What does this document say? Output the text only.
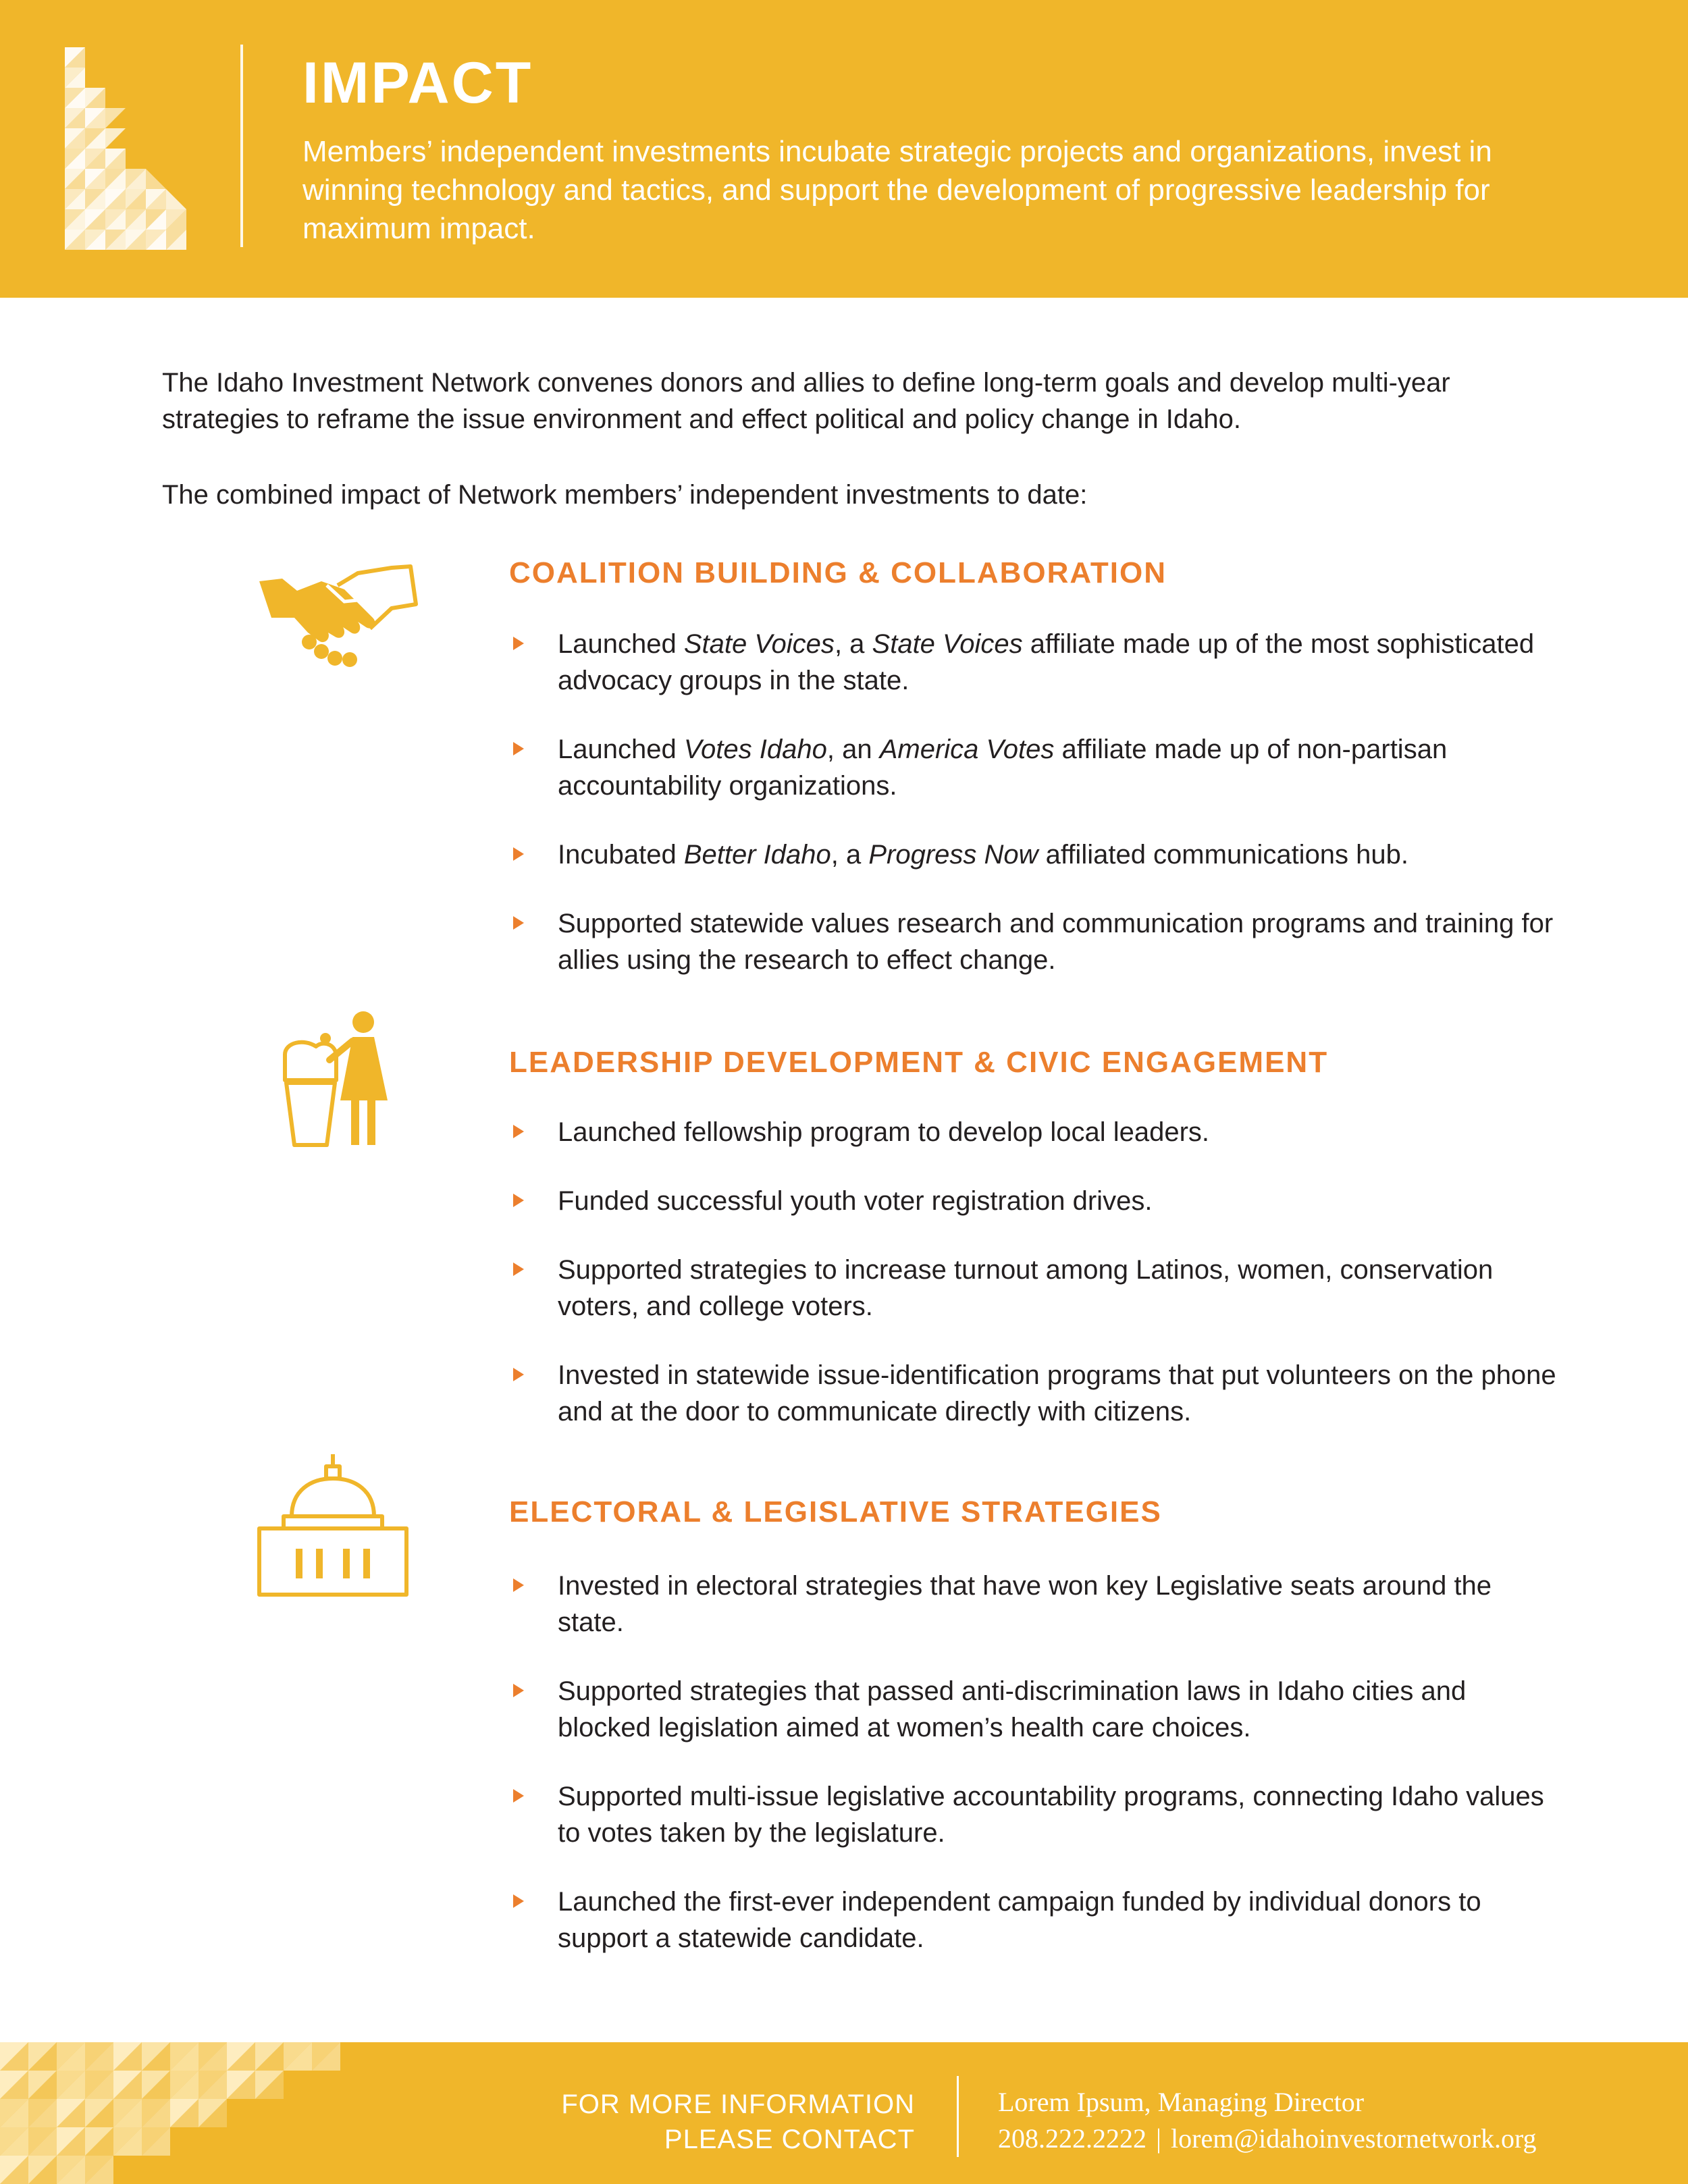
IMPACT

Members’ independent investments incubate strategic projects and organizations, invest in winning technology and tactics, and support the development of progressive leadership for maximum impact.

The Idaho Investment Network convenes donors and allies to define long-term goals and develop multi-year strategies to reframe the issue environment and effect political and policy change in Idaho.

The combined impact of Network members’ independent investments to date:

COALITION BUILDING & COLLABORATION
Launched State Voices, a State Voices affiliate made up of the most sophisticated advocacy groups in the state.
Launched Votes Idaho, an America Votes affiliate made up of non-partisan accountability organizations.
Incubated Better Idaho, a Progress Now affiliated communications hub.
Supported statewide values research and communication programs and training for allies using the research to effect change.
LEADERSHIP DEVELOPMENT & CIVIC ENGAGEMENT
Launched fellowship program to develop local leaders.
Funded successful youth voter registration drives.
Supported strategies to increase turnout among Latinos, women, conservation voters, and college voters.
Invested in statewide issue-identification programs that put volunteers on the phone and at the door to communicate directly with citizens.
ELECTORAL & LEGISLATIVE STRATEGIES
Invested in electoral strategies that have won key Legislative seats around the state.
Supported strategies that passed anti-discrimination laws in Idaho cities and blocked legislation aimed at women’s health care choices.
Supported multi-issue legislative accountability programs, connecting Idaho values to votes taken by the legislature.
Launched the first-ever independent campaign funded by individual donors to support a statewide candidate.
FOR MORE INFORMATION
PLEASE CONTACT
Lorem Ipsum, Managing Director
208.222.2222 | lorem@idahoinvestornetwork.org
